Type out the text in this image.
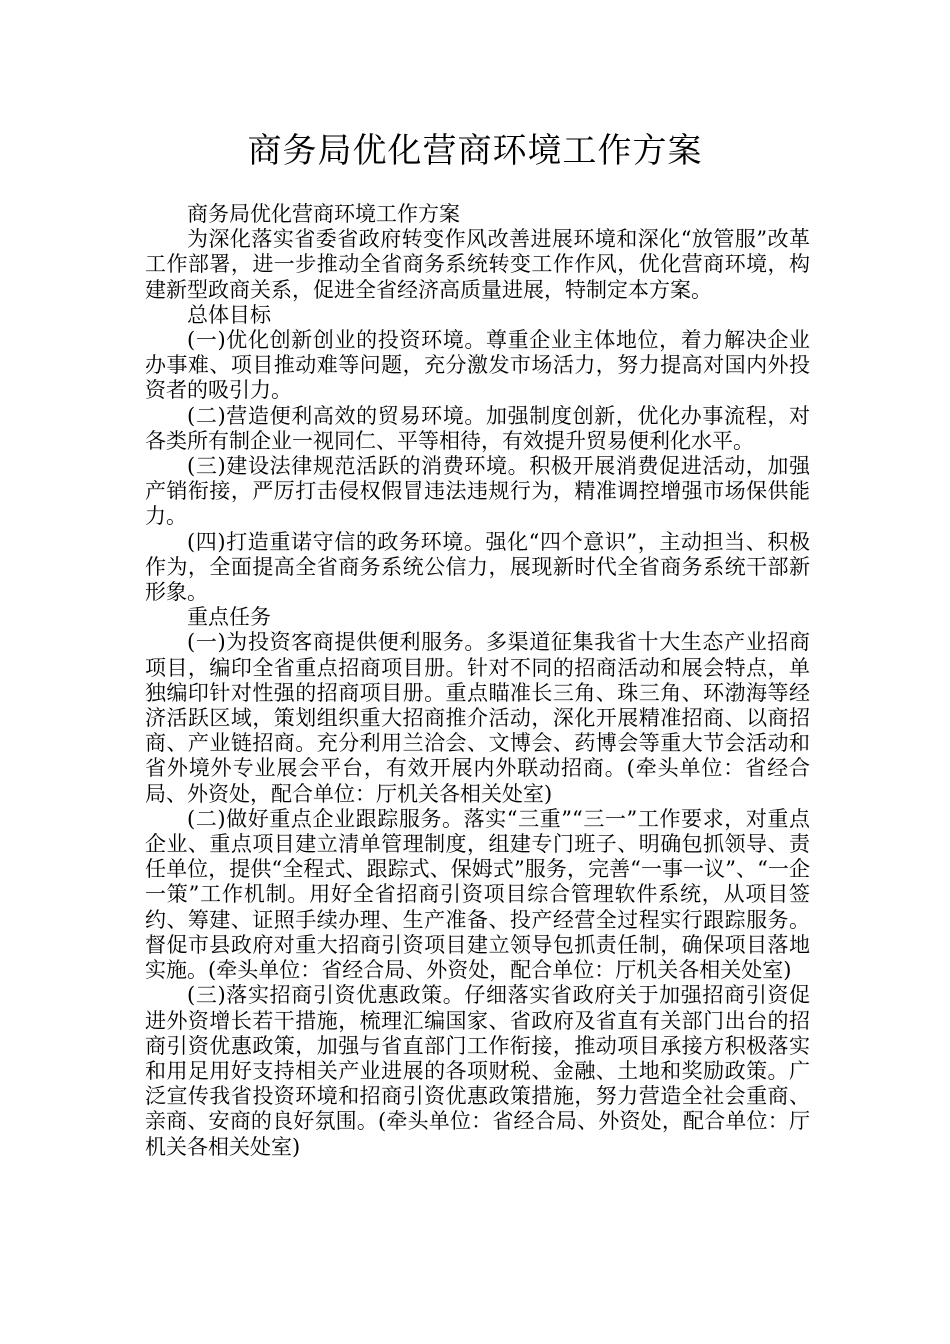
商务局优化营商环境工作方案

商务局优化营商环境工作方案

为深化落实省委省政府转变作风改善进展环境和深化“放管服”改革工作部署，进一步推动全省商务系统转变工作作风，优化营商环境，构建新型政商关系，促进全省经济高质量进展，特制定本方案。

总体目标

(一)优化创新创业的投资环境。尊重企业主体地位，着力解决企业办事难、项目推动难等问题，充分激发市场活力，努力提高对国内外投资者的吸引力。

(二)营造便利高效的贸易环境。加强制度创新，优化办事流程，对各类所有制企业一视同仁、平等相待，有效提升贸易便利化水平。

(三)建设法律规范活跃的消费环境。积极开展消费促进活动，加强产销衔接，严厉打击侵权假冒违法违规行为，精准调控增强市场保供能力。

(四)打造重诺守信的政务环境。强化“四个意识”，主动担当、积极作为，全面提高全省商务系统公信力，展现新时代全省商务系统干部新形象。

重点任务

(一)为投资客商提供便利服务。多渠道征集我省十大生态产业招商项目，编印全省重点招商项目册。针对不同的招商活动和展会特点，单独编印针对性强的招商项目册。重点瞄准长三角、珠三角、环渤海等经济活跃区域，策划组织重大招商推介活动，深化开展精准招商、以商招商、产业链招商。充分利用兰洽会、文博会、药博会等重大节会活动和省外境外专业展会平台，有效开展内外联动招商。(牵头单位：省经合局、外资处，配合单位：厅机关各相关处室)

(二)做好重点企业跟踪服务。落实“三重”“三一”工作要求，对重点企业、重点项目建立清单管理制度，组建专门班子、明确包抓领导、责任单位，提供“全程式、跟踪式、保姆式”服务，完善“一事一议”、“一企一策”工作机制。用好全省招商引资项目综合管理软件系统，从项目签约、筹建、证照手续办理、生产准备、投产经营全过程实行跟踪服务。督促市县政府对重大招商引资项目建立领导包抓责任制，确保项目落地实施。(牵头单位：省经合局、外资处，配合单位：厅机关各相关处室)

(三)落实招商引资优惠政策。仔细落实省政府关于加强招商引资促进外资增长若干措施，梳理汇编国家、省政府及省直有关部门出台的招商引资优惠政策，加强与省直部门工作衔接，推动项目承接方积极落实和用足用好支持相关产业进展的各项财税、金融、土地和奖励政策。广泛宣传我省投资环境和招商引资优惠政策措施，努力营造全社会重商、亲商、安商的良好氛围。(牵头单位：省经合局、外资处，配合单位：厅机关各相关处室)
